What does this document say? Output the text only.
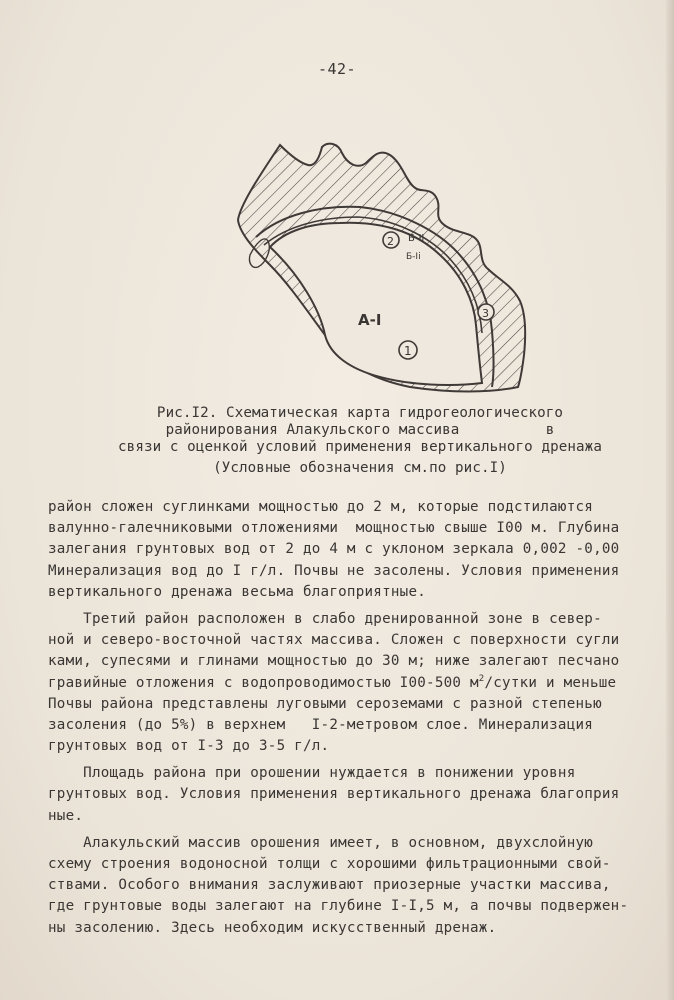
-42-
1
2
3
А-I
Б-II
Б-Ii
Рис.I2. Схематическая карта гидрогеологического
районирования Алакульского массива          в
связи с оценкой условий применения вертикального дренажа
(Условные обозначения см.по рис.I)
район сложен суглинками мощностью до 2 м, которые подстилаются
валунно-галечниковыми отложениями  мощностью свыше I00 м. Глубина
залегания грунтовых вод от 2 до 4 м с уклоном зеркала 0,002 -0,00
Минерализация вод до I г/л. Почвы не засолены. Условия применения
вертикального дренажа весьма благоприятные.
Третий район расположен в слабо дренированной зоне в север-
ной и северо-восточной частях массива. Сложен с поверхности сугли
ками, супесями и глинами мощностью до 30 м; ниже залегают песчано
гравийные отложения с водопроводимостью I00-500 $м^2$/сутки и меньше
Почвы района представлены луговыми сероземами с разной степенью
засоления (до 5%) в верхнем   I-2-метровом слое. Минерализация
грунтовых вод от I-3 до 3-5 г/л.
Площадь района при орошении нуждается в понижении уровня
грунтовых вод. Условия применения вертикального дренажа благоприя
ные.
Алакульский массив орошения имеет, в основном, двухслойную
схему строения водоносной толщи с хорошими фильтрационными свой-
ствами. Особого внимания заслуживают приозерные участки массива,
где грунтовые воды залегают на глубине I-I,5 м, а почвы подвержен-
ны засолению. Здесь необходим искусственный дренаж.
